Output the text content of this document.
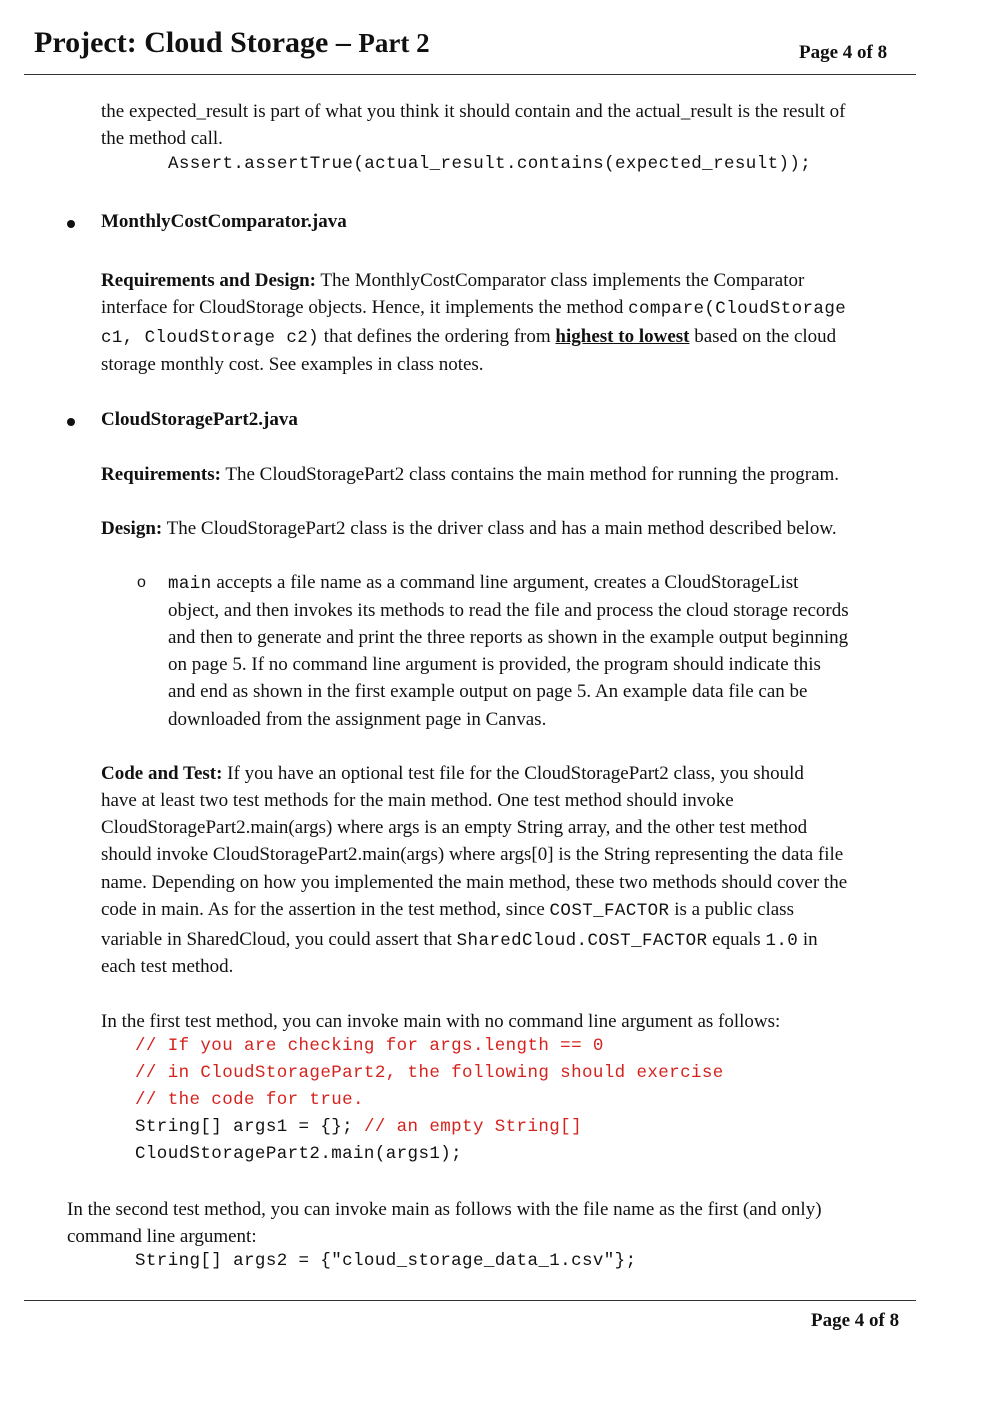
Project: Cloud Storage – Part 2	Page 4 of 8
the expected_result is part of what you think it should contain and the actual_result is the result of
the method call.
Assert.assertTrue(actual_result.contains(expected_result));
MonthlyCostComparator.java
Requirements and Design: The MonthlyCostComparator class implements the Comparator
interface for CloudStorage objects. Hence, it implements the method compare(CloudStorage
c1, CloudStorage c2) that defines the ordering from highest to lowest based on the cloud
storage monthly cost. See examples in class notes.
CloudStoragePart2.java
Requirements: The CloudStoragePart2 class contains the main method for running the program.
Design: The CloudStoragePart2 class is the driver class and has a main method described below.
o main accepts a file name as a command line argument, creates a CloudStorageList
object, and then invokes its methods to read the file and process the cloud storage records
and then to generate and print the three reports as shown in the example output beginning
on page 5. If no command line argument is provided, the program should indicate this
and end as shown in the first example output on page 5. An example data file can be
downloaded from the assignment page in Canvas.
Code and Test: If you have an optional test file for the CloudStoragePart2 class, you should
have at least two test methods for the main method. One test method should invoke
CloudStoragePart2.main(args) where args is an empty String array, and the other test method
should invoke CloudStoragePart2.main(args) where args[0] is the String representing the data file
name. Depending on how you implemented the main method, these two methods should cover the
code in main. As for the assertion in the test method, since COST_FACTOR is a public class
variable in SharedCloud, you could assert that SharedCloud.COST_FACTOR equals 1.0 in
each test method.
In the first test method, you can invoke main with no command line argument as follows:
// If you are checking for args.length == 0
// in CloudStoragePart2, the following should exercise
// the code for true.
String[] args1 = {}; // an empty String[]
CloudStoragePart2.main(args1);
In the second test method, you can invoke main as follows with the file name as the first (and only)
command line argument:
String[] args2 = {"cloud_storage_data_1.csv"};
Page 4 of 8
